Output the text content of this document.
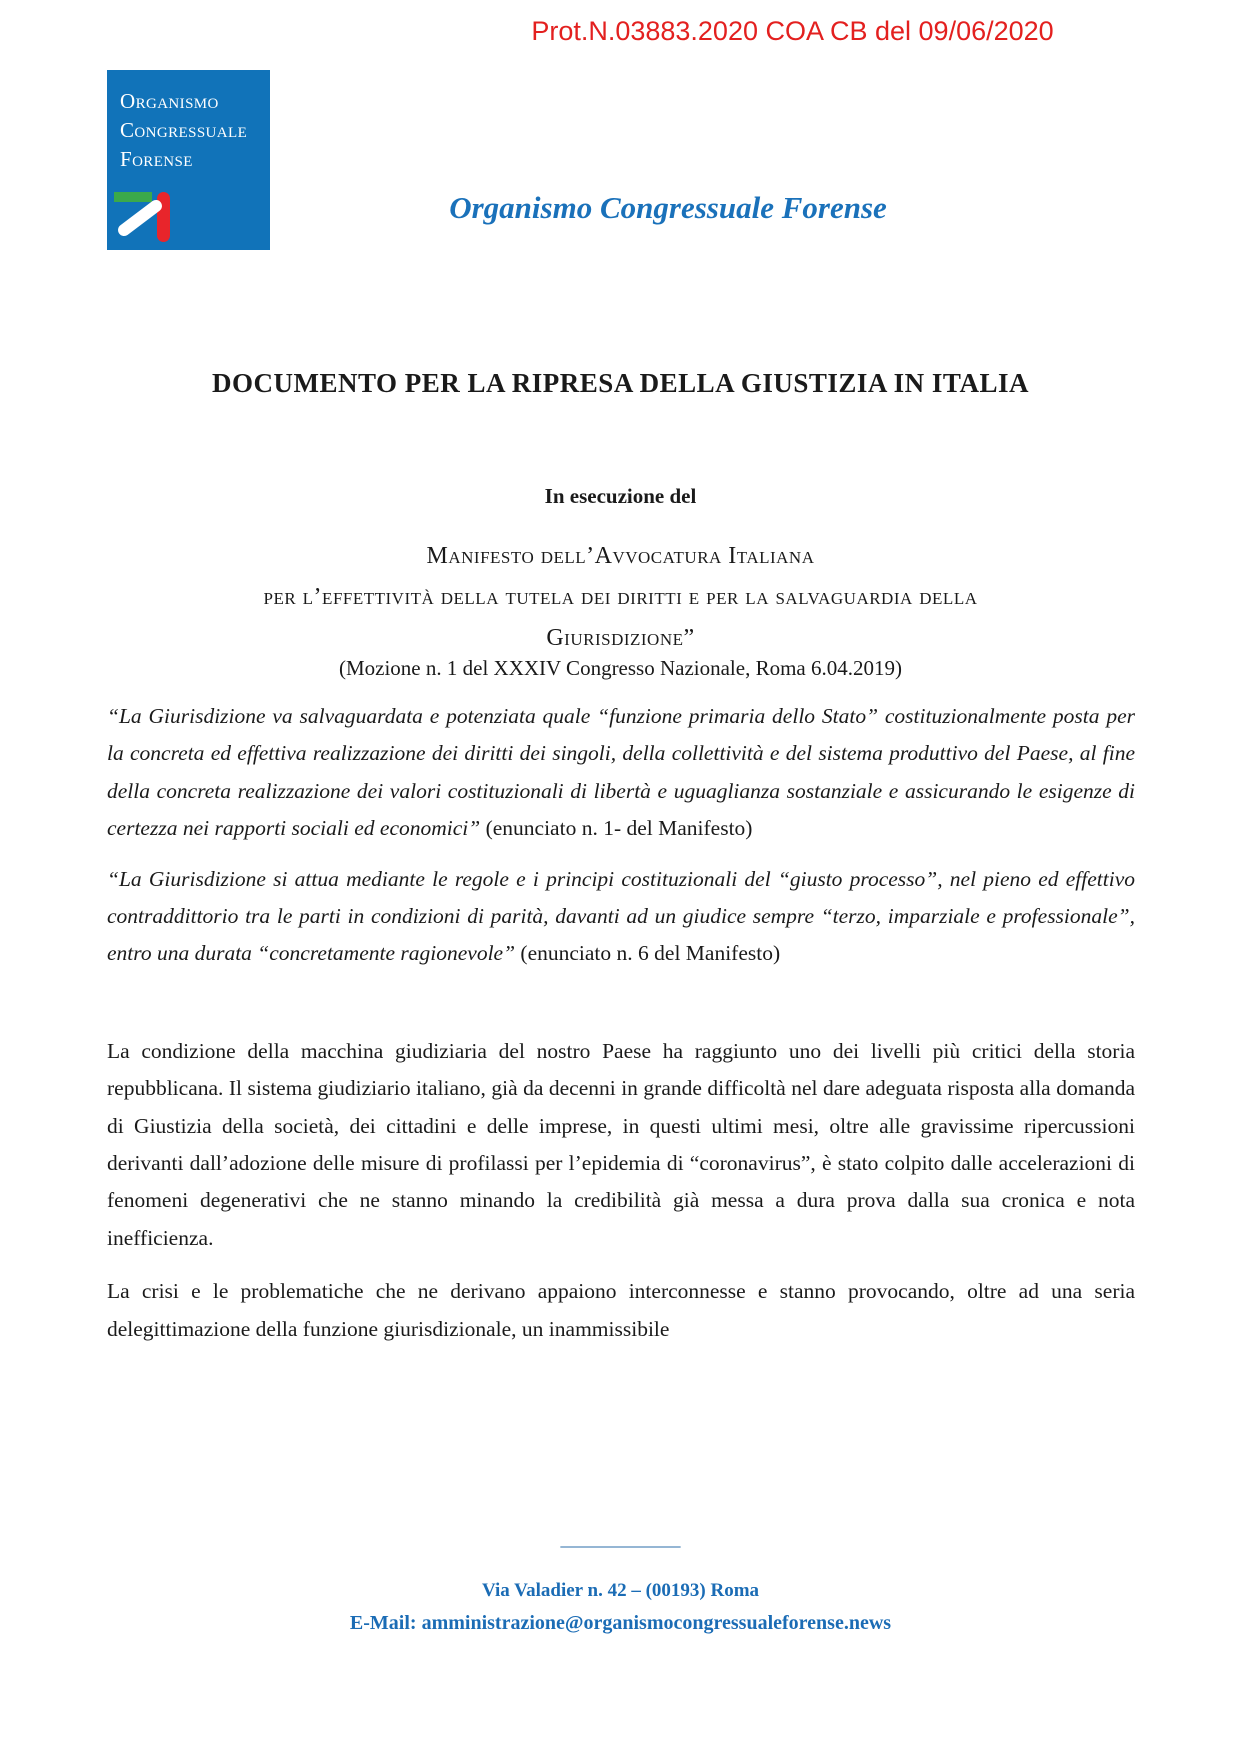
Prot.N.03883.2020 COA CB del 09/06/2020
Organismo
Congressuale
Forense
Organismo Congressuale Forense
DOCUMENTO PER LA RIPRESA DELLA GIUSTIZIA IN ITALIA
In esecuzione del
Manifesto dell’Avvocatura Italiana
per l’effettività della tutela dei diritti e per la salvaguardia della
Giurisdizione”
(Mozione n. 1 del XXXIV Congresso Nazionale, Roma 6.04.2019)

“La Giurisdizione va salvaguardata e potenziata quale “funzione primaria dello Stato” costituzionalmente posta per la concreta ed effettiva realizzazione dei diritti dei singoli, della collettività e del sistema produttivo del Paese, al fine della concreta realizzazione dei valori costituzionali di libertà e uguaglianza sostanziale e assicurando le esigenze di certezza nei rapporti sociali ed economici” (enunciato n. 1- del Manifesto)

“La Giurisdizione si attua mediante le regole e i principi costituzionali del “giusto processo”, nel pieno ed effettivo contraddittorio tra le parti in condizioni di parità, davanti ad un giudice sempre “terzo, imparziale e professionale”, entro una durata “concretamente ragionevole” (enunciato n. 6 del Manifesto)

La condizione della macchina giudiziaria del nostro Paese ha raggiunto uno dei livelli più critici della storia repubblicana. Il sistema giudiziario italiano, già da decenni in grande difficoltà nel dare adeguata risposta alla domanda di Giustizia della società, dei cittadini e delle imprese, in questi ultimi mesi, oltre alle gravissime ripercussioni derivanti dall’adozione delle misure di profilassi per l’epidemia di “coronavirus”, è stato colpito dalle accelerazioni di fenomeni degenerativi che ne stanno minando la credibilità già messa a dura prova dalla sua cronica e nota inefficienza.

La crisi e le problematiche che ne derivano appaiono interconnesse e stanno provocando, oltre ad una seria delegittimazione della funzione giurisdizionale, un inammissibile

____________
Via Valadier n. 42 – (00193) Roma
E-Mail: amministrazione@organismocongressualeforense.news
